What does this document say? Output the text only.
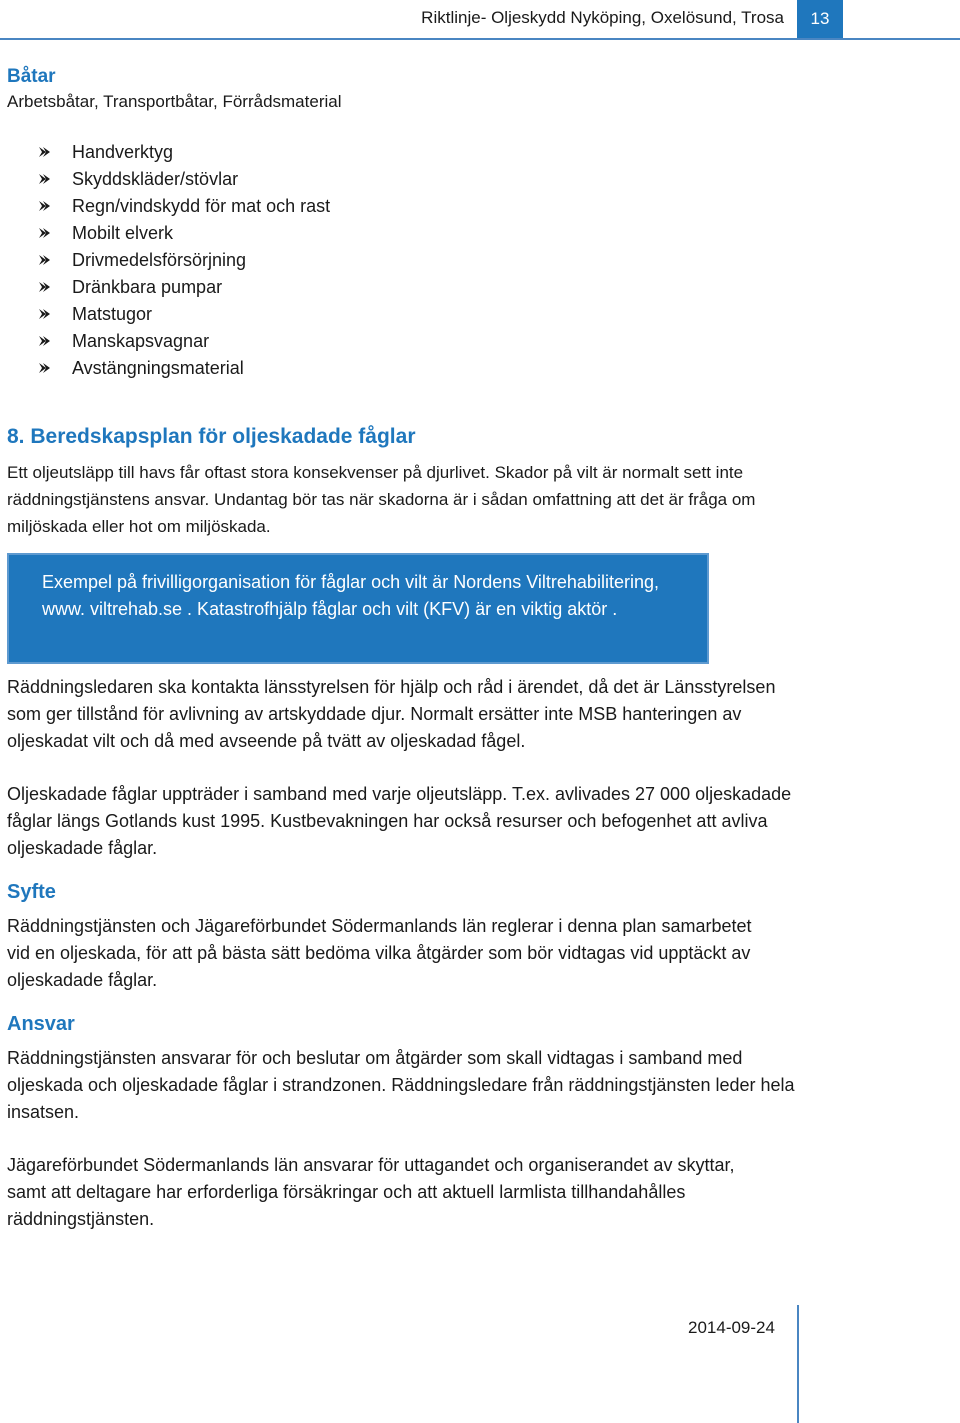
Riktlinje- Oljeskydd Nyköping, Oxelösund, Trosa	13
Båtar
Arbetsbåtar, Transportbåtar, Förrådsmaterial
Handverktyg
Skyddskläder/stövlar
Regn/vindskydd för mat och rast
Mobilt elverk
Drivmedelsförsörjning
Dränkbara pumpar
Matstugor
Manskapsvagnar
Avstängningsmaterial
8. Beredskapsplan för oljeskadade fåglar
Ett oljeutsläpp till havs får oftast stora konsekvenser på djurlivet. Skador på vilt är normalt sett inte räddningstjänstens ansvar. Undantag bör tas när skadorna är i sådan omfattning att det är fråga om miljöskada eller hot om miljöskada.
Exempel på frivilligorganisation för fåglar och vilt är Nordens Viltrehabilitering, www. viltrehab.se . Katastrofhjälp fåglar och vilt (KFV) är en viktig aktör .
Räddningsledaren ska kontakta länsstyrelsen för hjälp och råd i ärendet, då det är Länsstyrelsen som ger tillstånd för avlivning av artskyddade djur. Normalt ersätter inte MSB hanteringen av oljeskadat vilt och då med avseende på tvätt av oljeskadad fågel.
Oljeskadade fåglar uppträder i samband med varje oljeutsläpp. T.ex. avlivades 27 000 oljeskadade fåglar längs Gotlands kust 1995. Kustbevakningen har också resurser och befogenhet att avliva oljeskadade fåglar.
Syfte
Räddningstjänsten och Jägareförbundet Södermanlands län reglerar i denna plan samarbetet vid en oljeskada, för att på bästa sätt bedöma vilka åtgärder som bör vidtagas vid upptäckt av oljeskadade fåglar.
Ansvar
Räddningstjänsten ansvarar för och beslutar om åtgärder som skall vidtagas i samband med oljeskada och oljeskadade fåglar i strandzonen. Räddningsledare från räddningstjänsten leder hela insatsen.
Jägareförbundet Södermanlands län ansvarar för uttagandet och organiserandet av skyttar, samt att deltagare har erforderliga försäkringar och att aktuell larmlista tillhandahålles räddningstjänsten.
2014-09-24
